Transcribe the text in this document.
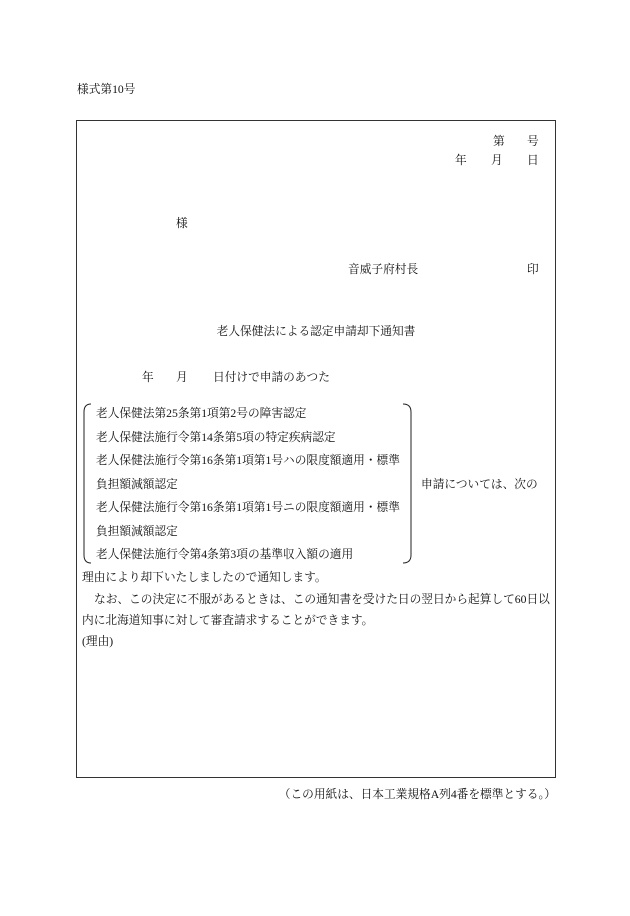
様式第10号
第 号
年 月 日
様
音威子府村長	印
老人保健法による認定申請却下通知書
年 月 日付けで申請のあつた
老人保健法第25条第1項第2号の障害認定
老人保健法施行令第14条第5項の特定疾病認定
老人保健法施行令第16条第1項第1号ハの限度額適用・標準
負担額減額認定
老人保健法施行令第16条第1項第1号ニの限度額適用・標準
負担額減額認定
老人保健法施行令第4条第3項の基準収入額の適用
申請については、次の
理由により却下いたしましたので通知します。
なお、この決定に不服があるときは、この通知書を受けた日の翌日から起算して60日以
内に北海道知事に対して審査請求することができます。
(理由)
（この用紙は、日本工業規格A列4番を標準とする。）
